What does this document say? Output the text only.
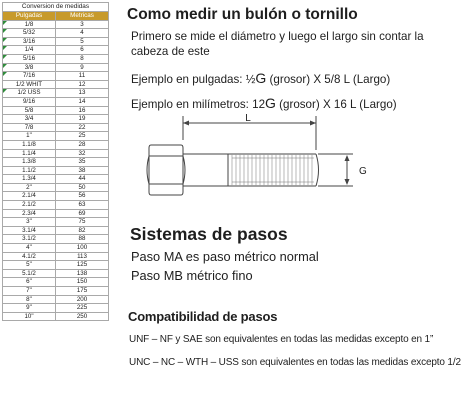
Conversion de medidas	
Pulgadas	Metricas
1/8	3
5/32	4
3/16	5
1/4	6
5/16	8
3/8	9
7/16	11
1/2 WHIT	12
1/2 USS	13
9/16	14
5/8	16
3/4	19
7/8	22
1"	25
1.1/8	28
1.1/4	32
1.3/8	35
1.1/2	38
1.3/4	44
2"	50
2.1/4	56
2.1/2	63
2.3/4	69
3"	75
3.1/4	82
3.1/2	88
4"	100
4.1/2	113
5"	125
5.1/2	138
6"	150
7"	175
8"	200
9"	225
10"	250
Como medir un bulón o tornillo
Primero se mide el diámetro y luego el largo sin contar la
cabeza de este
Ejemplo en pulgadas: ½G (grosor) X 5/8 L (Largo)
Ejemplo en milímetros: 12G (grosor) X 16 L (Largo)
L
G
Sistemas de pasos
Paso MA es paso métrico normal
Paso MB métrico fino
Compatibilidad de pasos
UNF – NF y SAE son equivalentes en todas las medidas excepto en 1”
UNC – NC – WTH – USS son equivalentes en todas las medidas excepto 1/2
